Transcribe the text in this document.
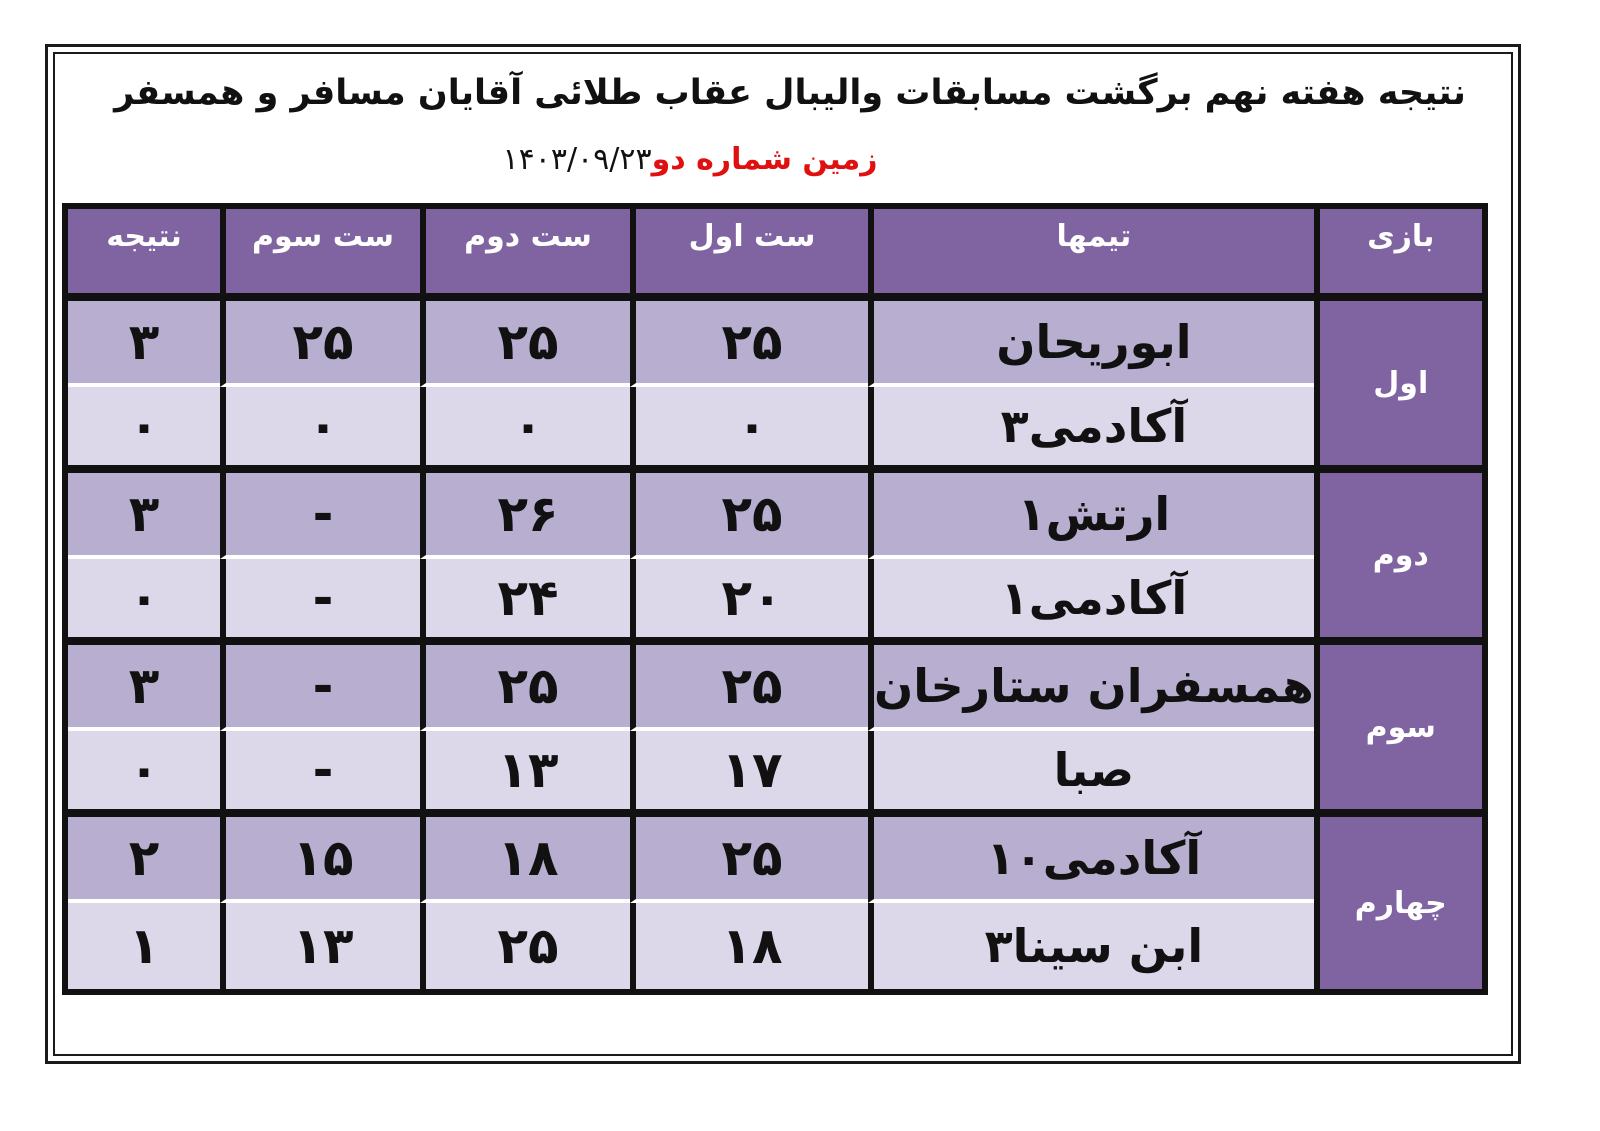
نتیجه هفته نهم برگشت مسابقات والیبال عقاب طلائی آقایان مسافر و همسفر
زمین شماره دو۱۴۰۳/۰۹/۲۳
بازی	تیمها	ست اول	ست دوم	ست سوم	نتیجه
اول	ابوریحان	۲۵	۲۵	۲۵	۳
	آکادمی۳	۰	۰	۰	۰
دوم	ارتش۱	۲۵	۲۶	-	۳
	آکادمی۱	۲۰	۲۴	-	۰
سوم	همسفران ستارخان	۲۵	۲۵	-	۳
	صبا	۱۷	۱۳	-	۰
چهارم	آکادمی۱۰	۲۵	۱۸	۱۵	۲
	ابن سینا۳	۱۸	۲۵	۱۳	۱
